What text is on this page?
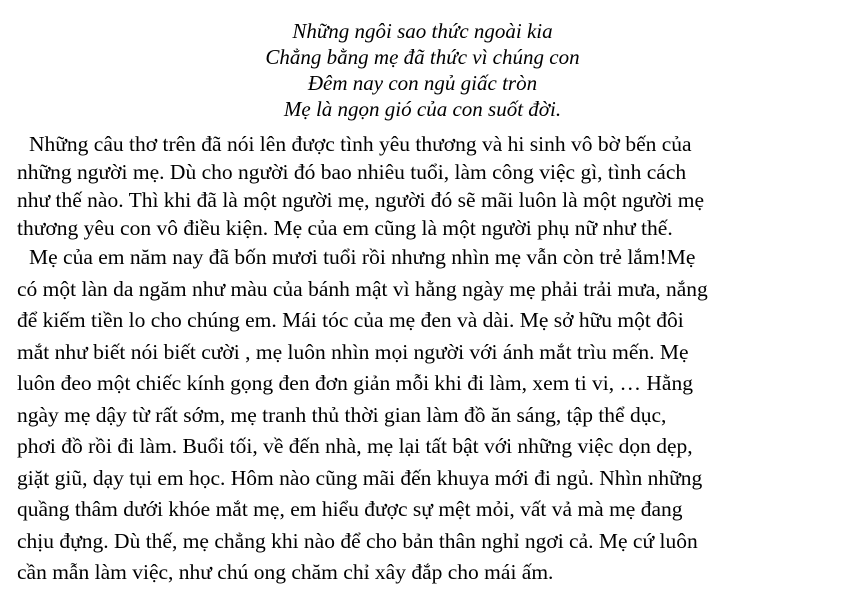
Những ngôi sao thức ngoài kia
Chẳng bằng mẹ đã thức vì chúng con
Đêm nay con ngủ giấc tròn
Mẹ là ngọn gió của con suốt đời.
Những câu thơ trên đã nói lên được tình yêu thương và hi sinh vô bờ bến của
những người mẹ. Dù cho người đó bao nhiêu tuổi, làm công việc gì, tình cách
như thế nào. Thì khi đã là một người mẹ, người đó sẽ mãi luôn là một người mẹ
thương yêu con vô điều kiện. Mẹ của em cũng là một người phụ nữ như thế.
Mẹ của em năm nay đã bốn mươi tuổi rồi nhưng nhìn mẹ vẫn còn trẻ lắm!Mẹ
có một làn da ngăm như màu của bánh mật vì hằng ngày mẹ phải trải mưa, nắng
để kiếm tiền lo cho chúng em. Mái tóc của mẹ đen và dài. Mẹ sở hữu một đôi
mắt như biết nói biết cười , mẹ luôn nhìn mọi người với ánh mắt trìu mến. Mẹ
luôn đeo một chiếc kính gọng đen đơn giản mỗi khi đi làm, xem ti vi, … Hằng
ngày mẹ dậy từ rất sớm, mẹ tranh thủ thời gian làm đồ ăn sáng, tập thể dục,
phơi đồ rồi đi làm. Buổi tối, về đến nhà, mẹ lại tất bật với những việc dọn dẹp,
giặt giũ, dạy tụi em học. Hôm nào cũng mãi đến khuya mới đi ngủ. Nhìn những
quầng thâm dưới khóe mắt mẹ, em hiểu được sự mệt mỏi, vất vả mà mẹ đang
chịu đựng. Dù thế, mẹ chẳng khi nào để cho bản thân nghỉ ngơi cả. Mẹ cứ luôn
cần mẫn làm việc, như chú ong chăm chỉ xây đắp cho mái ấm.
